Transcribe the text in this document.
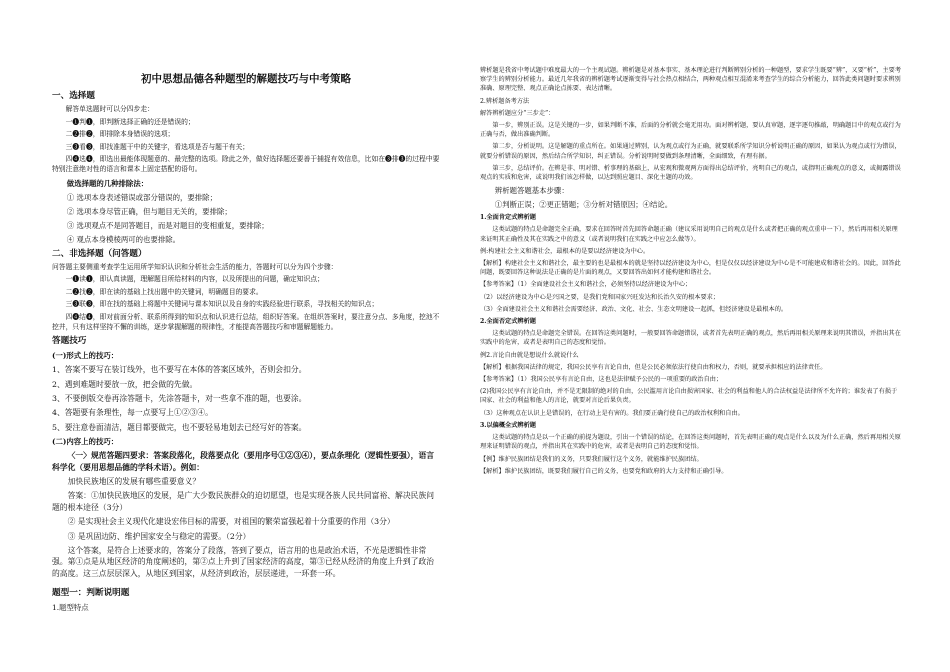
初中思想品德各种题型的解题技巧与中考策略

一、选择题

解答单选题时可以分四步走：

一❶判❶，即判断选择正确的还是错误的；

二❷排❷，即排除本身错误的选项；

三❸看❸，即找准题干中的关键字，看选项是否与题干有关；

四❹选❹，即选出最能体现题意的、最完整的选项。除此之外，做好选择题还要善于捕捉有效信息，比如在❸排❸的过程中要特别注意绝对性的语言和课本上固定搭配的语句。

做选择题的几种排除法：

① 选项本身表述错误或部分错误的，要排除；

② 选项本身尽管正确，但与题目无关的，要排除；

③ 选项观点不是同答题目，而是对题目的变相重复，要排除；

④ 观点本身模棱两可的也要排除。

二、非选择题（问答题）

问答题主要侧重考查学生运用所学知识认识和分析社会生活的能力，答题时可以分为四个步骤：

一❶读❶，即认真读题，理解题目所给材料的内容，以及所提出的问题，确定知识点；

二❷找❷，即在读的基础上找出题中的关键词，明确题目的要求。

三❸联❸，即在找的基础上将题中关键词与课本知识以及自身的实践经验进行联系，寻找相关的知识点；

四❹结❹，即对前面分析、联系所得到的知识点和认识进行总结，组织好答案。在组织答案时，要注意分点、多角度，挖池不挖井，只有这样坚持不懈的训练，逐步掌握解题的规律性，才能提高答题技巧和审题解题能力。

答题技巧

(一)形式上的技巧：

1、答案不要写在装订线外，也不要写在本体的答案区域外，否则会扣分。

2、遇到难题时要放一放，把会做的先做。

3、不要倒版交卷再涂答题卡，先涂答题卡，对一些拿不准的题，也要涂。

4、答题要有条理性，每一点要写上①②③④。

5、要注意卷面清洁，题目都要做完，也不要轻易地划去已经写好的答案。

(二)内容上的技巧：

〈一〉规范答题四要求：答案段落化，段落要点化（要用序号①②③④），要点条理化（逻辑性要强），语言科学化（要用思想品德的学科术语）。例如：

加快民族地区的发展有哪些重要意义？

答案：①加快民族地区的发展，是广大少数民族群众的迫切愿望，也是实现各族人民共同富裕、解决民族问题的根本途径（3分）

② 是实现社会主义现代化建设宏伟目标的需要，对祖国的繁荣富强起着十分重要的作用（3分）

③ 是巩固边防、维护国家安全与稳定的需要。（2分）

这个答案，是符合上述要求的，答案分了段落，答到了要点，语言用的也是政治术语，不光是逻辑性非常强。第①点是从地区经济的角度阐述的，第②点上升到了国家经济的高度，第③已经从经济的角度上升到了政治的高度。这三点层层深入，从地区到国家，从经济到政治，层层递进，一环套一环。

题型一：判断说明题

1.题型特点

辨析题是我省中考试题中难度最大的一个主观试题。辨析题是对基本事实、基本理论进行判断辨别分析的一种题型，要求学生既要“辨”，又要“析”，主要考察学生的辨别分析能力。最近几年我省的辨析题考试逐渐变得与社会热点相结合，两种观点相互混淆来考查学生的综合分析能力，回答此类问题时要求辨别准确、原理完整、观点正确论点拣要、表达清晰。

2.辨析题备考方法

解答辨析题应分“三步走”：

第一步，辨别正误。这是关键的一步，如果判断不准，后面的分析就会毫无用功。面对辨析题，要认真审题，逐字逐句推敲，明确题目中的观点或行为正确与否，做出准确判断。

第二步，分析说明。这是解题的重点所在。如果通过辨别，认为观点或行为正确，就要联系所学知识分析说明正确的原因，如果认为观点或行为错误，就要分析错误的原因，然后结合所学知识，纠正错误。分析说明时要做到条理清晰，全面细致，有理有据。

第三步，总结评价。在辨是非、明对错、析事理的基础上，从宏观和微观两方面得出总结评价，亮明自己的观点，或指明正确观点的意义，或揭露错误观点的实质和危害，或说明我们该怎样做，以达到照应题目、深化主题的功效。

辨析题答题基本步骤：

①判断正误；②更正错题；③分析对错原因；④结论。

1.全面肯定式辨析题

这类试题的特点是命题完全正确，要求在回答时首先回答命题正确（建议采用说明自己的观点是什么或者把正确的观点重申一下），然后再用相关原理来证明其正确性及其在实践之中的意义（或者说明我们在实践之中应怎么做等）。

例:构建社会主义和谐社会，最根本的是要以经济建设为中心。

【解析】构建社会主义和谐社会，最主要的也是最根本的就是坚持以经济建设为中心，但是仅仅以经济建设为中心是不可能建成和谐社会的。因此，回答此问题，既要回答这种说法是正确的是片面的观点，又要回答出如何才能构建和谐社会。

【参考答案】（1）全面建设社会主义和谐社会，必须坚持以经济建设为中心；

（2）以经济建设为中心是兴国之要，是我们党和国家兴旺发达和长治久安的根本要求；

（3）全面建设社会主义和谐社会需要经济、政治、文化、社会、生态文明建设一起抓，但经济建设是最根本的。

2.全面否定式辨析题

这类试题的特点是命题完全错误。在回答这类问题时，一般要回答命题错误，或者首先表明正确的观点，然后再用相关原理来说明其错误，并指出其在实践中的危害，或者是表明自己的态度和觉悟。

例2.言论自由就是想说什么就说什么

【解析】根据我国法律的规定，我国公民享有言论自由，但是公民必须依法行使自由和权力，否则，就要承担相应的法律责任。

【参考答案】（1）我国公民享有言论自由，这也是法律赋予公民的一项重要的政治自由；

(2)我国公民享有言论自由，并不是无限制的绝对的自由，公民滥用言论自由损害国家、社会的利益和他人的合法权益是法律所不允许的；谁发表了有损于国家、社会的利益和他人的言论，就要对言论后果负责。

（3）这种观点在认识上是错误的，在行动上是有害的。我们要正确行使自己的政治权利和自由。

3.以偏概全式辨析题

这类试题的特点是以一个正确的前提为题设，引出一个错误的结论，在回答这类问题时，首先表明正确的观点是什么以及为什么正确，然后再用相关原理来证明错误的观点，并指出其在实践中的危害，或者是表明自己的态度和觉悟。

【例】维护民族团结是我们的义务，只要我们履行这个义务，就能维护民族团结。

【解析】维护民族团结，既要我们履行自己的义务，也要党和政府的大力支持和正确引导。
